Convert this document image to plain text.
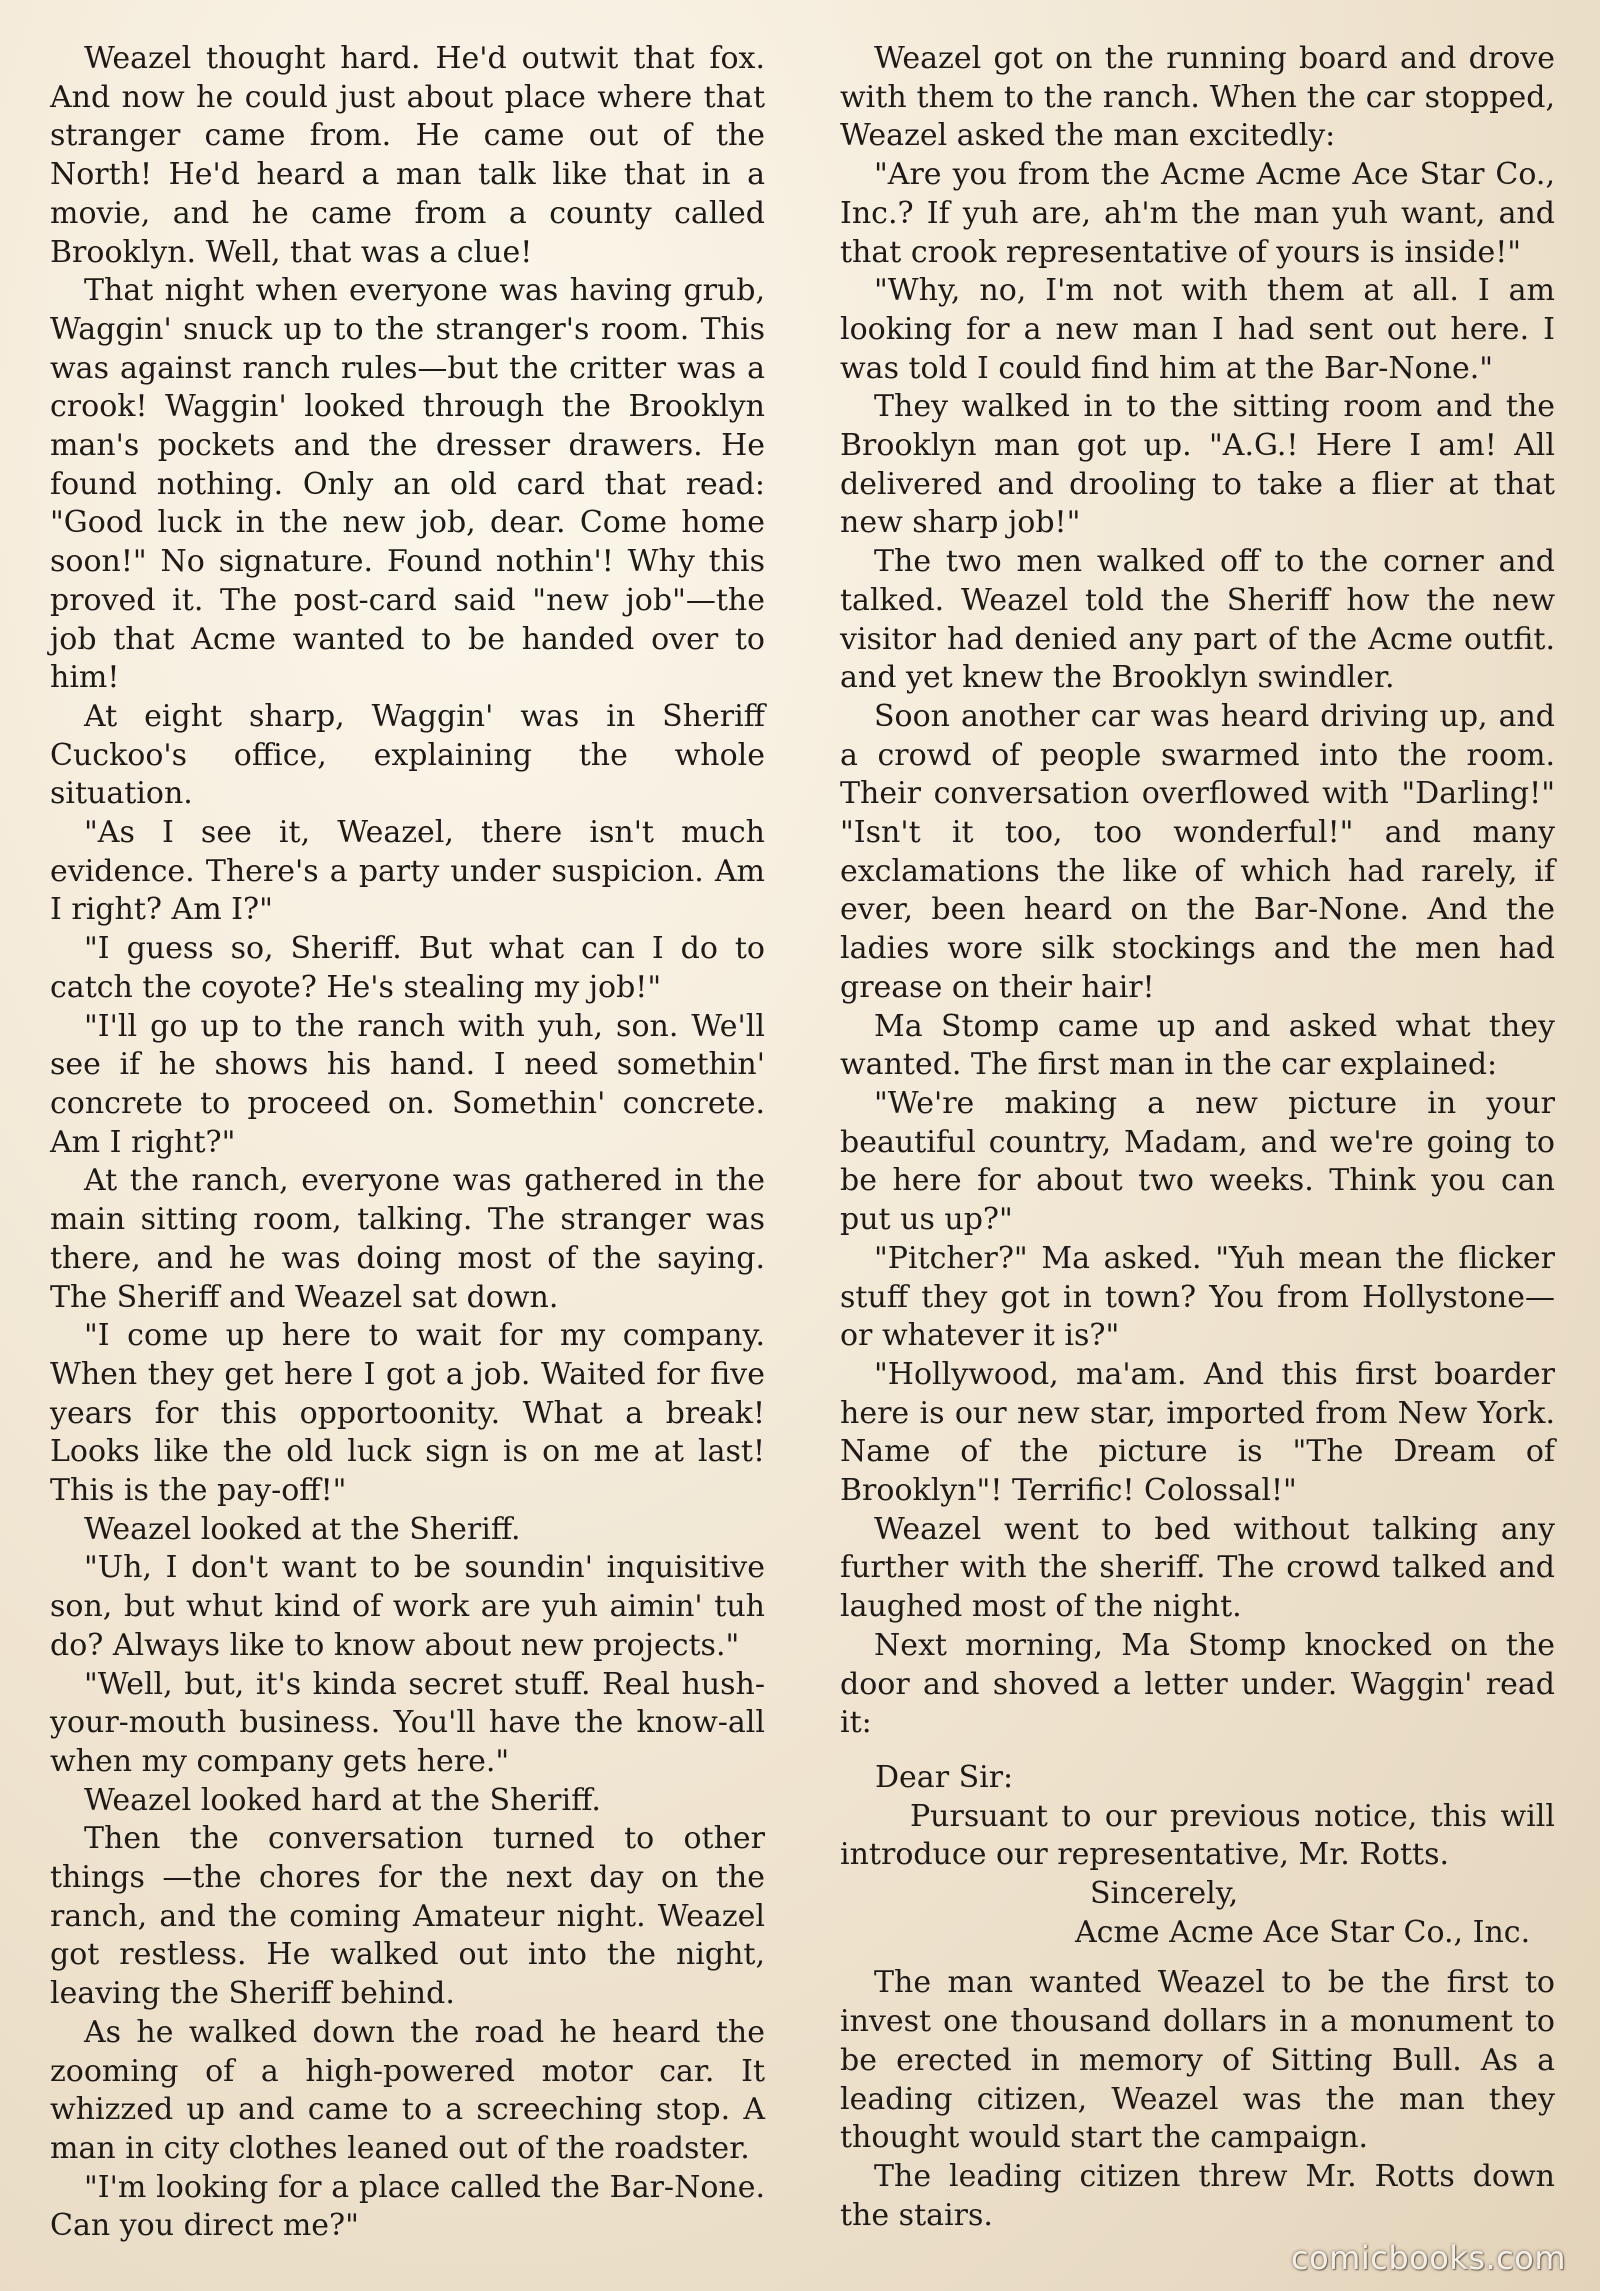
Weazel thought hard. He'd outwit that fox. And now he could just about place where that stranger came from. He came out of the North! He'd heard a man talk like that in a movie, and he came from a county called Brooklyn. Well, that was a clue!

That night when everyone was having grub, Waggin' snuck up to the stranger's room. This was against ranch rules—but the critter was a crook! Waggin' looked through the Brooklyn man's pockets and the dresser drawers. He found nothing. Only an old card that read: "Good luck in the new job, dear. Come home soon!" No signature. Found nothin'! Why this proved it. The post-card said "new job"—the job that Acme wanted to be handed over to him!

At eight sharp, Waggin' was in Sheriff Cuckoo's office, explaining the whole situation.

"As I see it, Weazel, there isn't much evidence. There's a party under suspicion. Am I right? Am I?"

"I guess so, Sheriff. But what can I do to catch the coyote? He's stealing my job!"

"I'll go up to the ranch with yuh, son. We'll see if he shows his hand. I need somethin' concrete to proceed on. Somethin' concrete. Am I right?"

At the ranch, everyone was gathered in the main sitting room, talking. The stranger was there, and he was doing most of the saying. The Sheriff and Weazel sat down.

"I come up here to wait for my company. When they get here I got a job. Waited for five years for this opportoonity. What a break! Looks like the old luck sign is on me at last! This is the pay-off!"

Weazel looked at the Sheriff.

"Uh, I don't want to be soundin' inquisitive son, but whut kind of work are yuh aimin' tuh do? Always like to know about new projects."

"Well, but, it's kinda secret stuff. Real hush-your-mouth business. You'll have the know-all when my company gets here."

Weazel looked hard at the Sheriff.

Then the conversation turned to other things —the chores for the next day on the ranch, and the coming Amateur night. Weazel got restless. He walked out into the night, leaving the Sheriff behind.

As he walked down the road he heard the zooming of a high-powered motor car. It whizzed up and came to a screeching stop. A man in city clothes leaned out of the roadster.

"I'm looking for a place called the Bar-None. Can you direct me?"

Weazel got on the running board and drove with them to the ranch. When the car stopped, Weazel asked the man excitedly:

"Are you from the Acme Acme Ace Star Co., Inc.? If yuh are, ah'm the man yuh want, and that crook representative of yours is inside!"

"Why, no, I'm not with them at all. I am looking for a new man I had sent out here. I was told I could find him at the Bar-None."

They walked in to the sitting room and the Brooklyn man got up. "A.G.! Here I am! All delivered and drooling to take a flier at that new sharp job!"

The two men walked off to the corner and talked. Weazel told the Sheriff how the new visitor had denied any part of the Acme outfit. and yet knew the Brooklyn swindler.

Soon another car was heard driving up, and a crowd of people swarmed into the room. Their conversation overflowed with "Darling!" "Isn't it too, too wonderful!" and many exclamations the like of which had rarely, if ever, been heard on the Bar-None. And the ladies wore silk stockings and the men had grease on their hair!

Ma Stomp came up and asked what they wanted. The first man in the car explained:

"We're making a new picture in your beautiful country, Madam, and we're going to be here for about two weeks. Think you can put us up?"

"Pitcher?" Ma asked. "Yuh mean the flicker stuff they got in town? You from Hollystone—or whatever it is?"

"Hollywood, ma'am. And this first boarder here is our new star, imported from New York. Name of the picture is "The Dream of Brooklyn"! Terrific! Colossal!"

Weazel went to bed without talking any further with the sheriff. The crowd talked and laughed most of the night.

Next morning, Ma Stomp knocked on the door and shoved a letter under. Waggin' read it:

Dear Sir:

Pursuant to our previous notice, this will introduce our representative, Mr. Rotts.

Sincerely,

Acme Acme Ace Star Co., Inc.

The man wanted Weazel to be the first to invest one thousand dollars in a monument to be erected in memory of Sitting Bull. As a leading citizen, Weazel was the man they thought would start the campaign.

The leading citizen threw Mr. Rotts down the stairs.

comicbooks.com
